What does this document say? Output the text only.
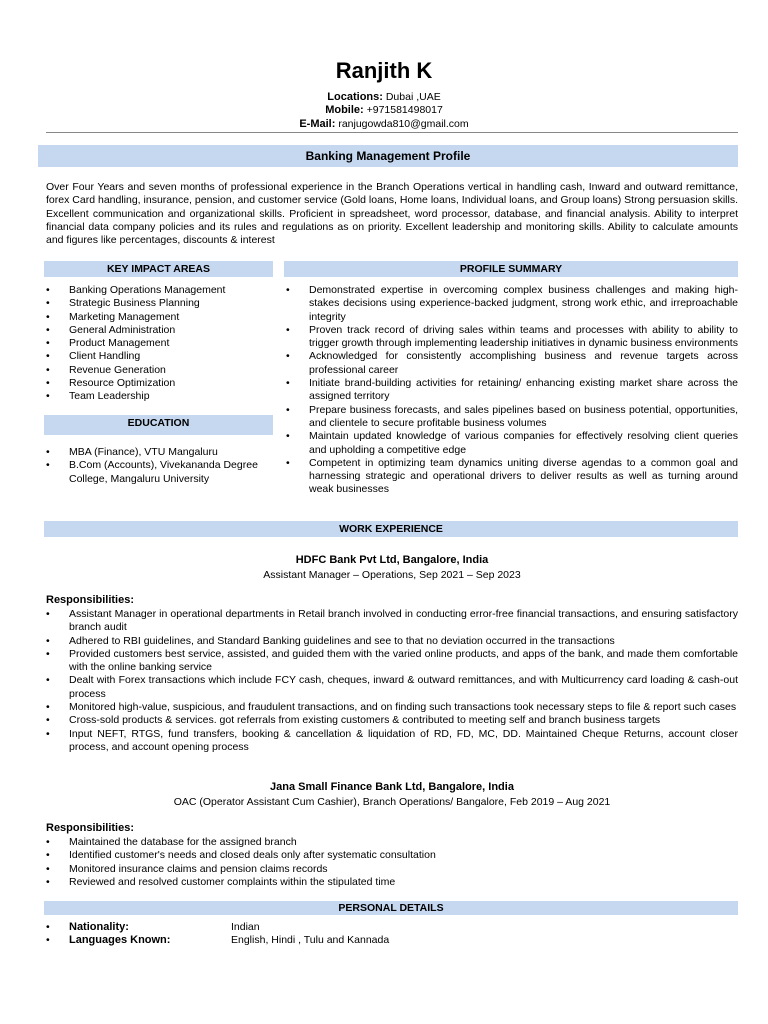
Ranjith K
Locations: Dubai ,UAE
Mobile: +971581498017
E-Mail: ranjugowda810@gmail.com
Banking Management Profile

Over Four Years and seven months of professional experience in the Branch Operations vertical in handling cash, Inward and outward remittance, forex Card handling, insurance, pension, and customer service (Gold loans, Home loans, Individual loans, and Group loans) Strong persuasion skills. Excellent communication and organizational skills. Proficient in spreadsheet, word processor, database, and financial analysis. Ability to interpret financial data company policies and its rules and regulations as on priority. Excellent leadership and monitoring skills. Ability to calculate amounts and figures like percentages, discounts & interest

KEY IMPACT AREAS	PROFILE SUMMARY
• Banking Operations Management
• Strategic Business Planning
• Marketing Management
• General Administration
• Product Management
• Client Handling
• Revenue Generation
• Resource Optimization
• Team Leadership
EDUCATION
• MBA (Finance), VTU Mangaluru
• B.Com (Accounts), Vivekananda Degree College, Mangaluru University
• Demonstrated expertise in overcoming complex business challenges and making high-stakes decisions using experience-backed judgment, strong work ethic, and irreproachable integrity
• Proven track record of driving sales within teams and processes with ability to ability to trigger growth through implementing leadership initiatives in dynamic business environments
• Acknowledged for consistently accomplishing business and revenue targets across professional career
• Initiate brand-building activities for retaining/ enhancing existing market share across the assigned territory
• Prepare business forecasts, and sales pipelines based on business potential, opportunities, and clientele to secure profitable business volumes
• Maintain updated knowledge of various companies for effectively resolving client queries and upholding a competitive edge
• Competent in optimizing team dynamics uniting diverse agendas to a common goal and harnessing strategic and operational drivers to deliver results as well as turning around weak businesses
WORK EXPERIENCE
HDFC Bank Pvt Ltd, Bangalore, India
Assistant Manager – Operations, Sep 2021 – Sep 2023
Responsibilities:
• Assistant Manager in operational departments in Retail branch involved in conducting error-free financial transactions, and ensuring satisfactory branch audit
• Adhered to RBI guidelines, and Standard Banking guidelines and see to that no deviation occurred in the transactions
• Provided customers best service, assisted, and guided them with the varied online products, and apps of the bank, and made them comfortable with the online banking service
• Dealt with Forex transactions which include FCY cash, cheques, inward & outward remittances, and with Multicurrency card loading & cash-out process
• Monitored high-value, suspicious, and fraudulent transactions, and on finding such transactions took necessary steps to file & report such cases
• Cross-sold products & services. got referrals from existing customers & contributed to meeting self and branch business targets
• Input NEFT, RTGS, fund transfers, booking & cancellation & liquidation of RD, FD, MC, DD. Maintained Cheque Returns, account closer process, and account opening process
Jana Small Finance Bank Ltd, Bangalore, India
OAC (Operator Assistant Cum Cashier), Branch Operations/ Bangalore, Feb 2019 – Aug 2021
Responsibilities:
• Maintained the database for the assigned branch
• Identified customer's needs and closed deals only after systematic consultation
• Monitored insurance claims and pension claims records
• Reviewed and resolved customer complaints within the stipulated time
PERSONAL DETAILS
• Nationality:	Indian
• Languages Known:	English, Hindi , Tulu and Kannada
